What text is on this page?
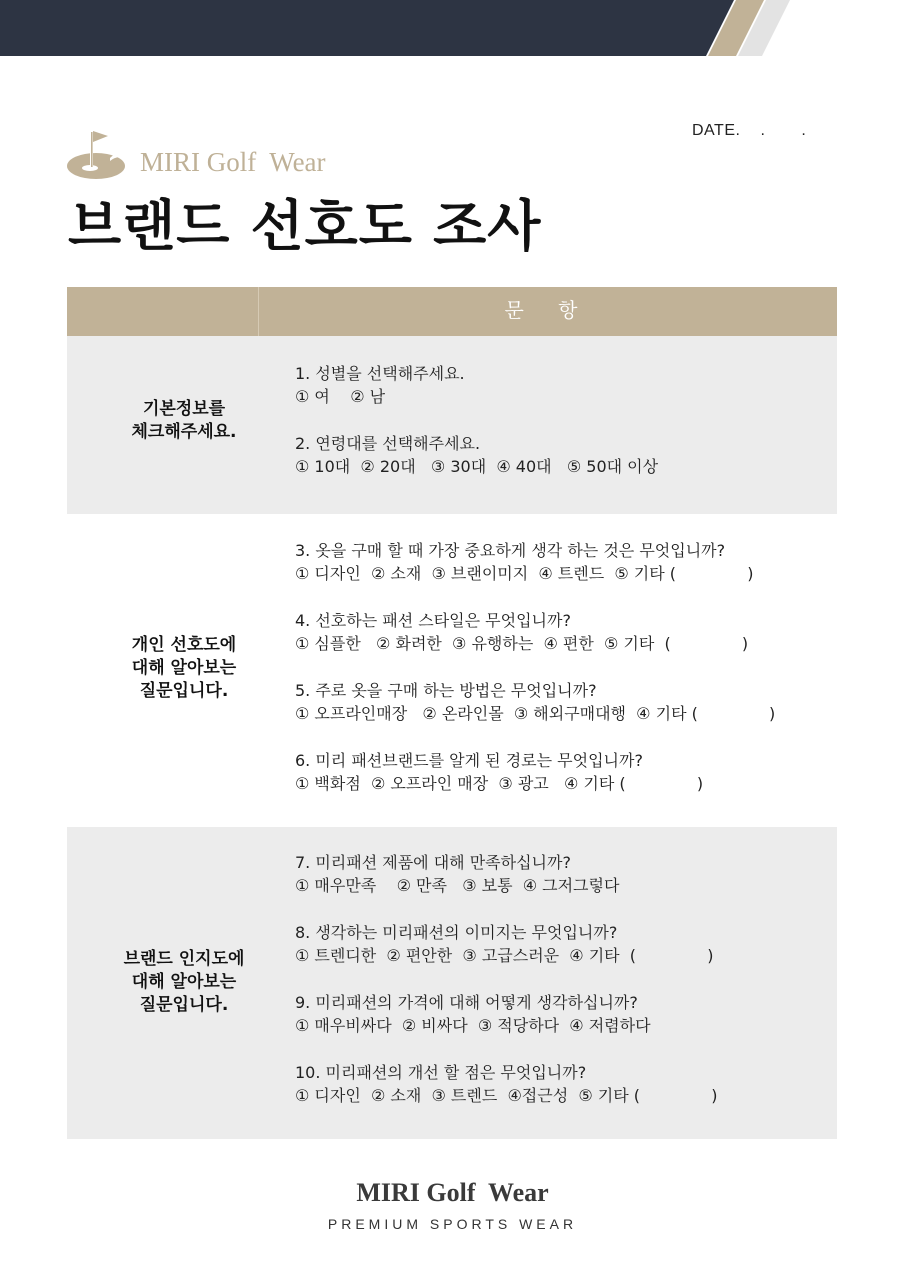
DATE. . .
MIRI Golf  Wear
브랜드 선호도 조사
문 항
기본정보를
체크해주세요.
1. 성별을 선택해주세요.
① 여    ② 남
2. 연령대를 선택해주세요.
① 10대  ② 20대   ③ 30대  ④ 40대   ⑤ 50대 이상
개인 선호도에
대해 알아보는
질문입니다.
3. 옷을 구매 할 때 가장 중요하게 생각 하는 것은 무엇입니까?
① 디자인  ② 소재  ③ 브랜이미지  ④ 트렌드  ⑤ 기타 (              )
4. 선호하는 패션 스타일은 무엇입니까?
① 심플한   ② 화려한  ③ 유행하는  ④ 편한  ⑤ 기타  (              )
5. 주로 옷을 구매 하는 방법은 무엇입니까?
① 오프라인매장   ② 온라인몰  ③ 해외구매대행  ④ 기타 (              )
6. 미리 패션브랜드를 알게 된 경로는 무엇입니까?
① 백화점  ② 오프라인 매장  ③ 광고   ④ 기타 (              )
브랜드 인지도에
대해 알아보는
질문입니다.
7. 미리패션 제품에 대해 만족하십니까?
① 매우만족    ② 만족   ③ 보통  ④ 그저그렇다
8. 생각하는 미리패션의 이미지는 무엇입니까?
① 트렌디한  ② 편안한  ③ 고급스러운  ④ 기타  (              )
9. 미리패션의 가격에 대해 어떻게 생각하십니까?
① 매우비싸다  ② 비싸다  ③ 적당하다  ④ 저렴하다
10. 미리패션의 개선 할 점은 무엇입니까?
① 디자인  ② 소재  ③ 트렌드  ④접근성  ⑤ 기타 (              )
MIRI Golf  Wear
PREMIUM SPORTS WEAR
